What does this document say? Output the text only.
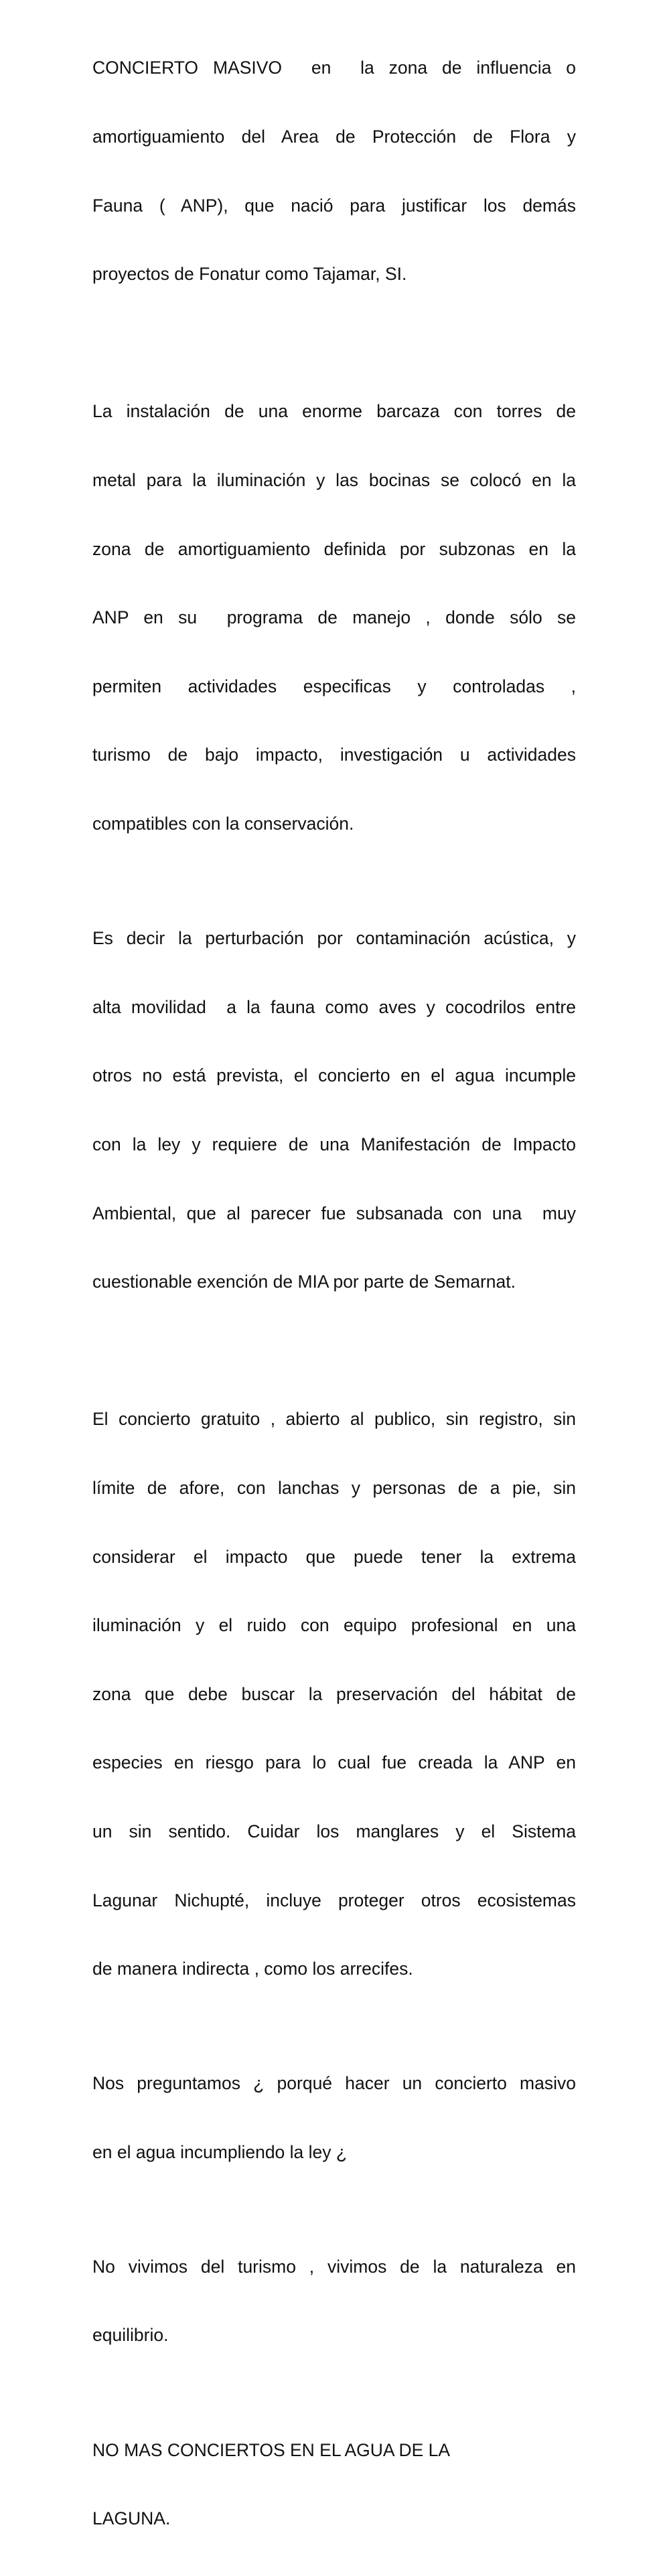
CONCIERTO MASIVO  en  la zona de influencia o

amortiguamiento del Area de Protección de Flora y

Fauna ( ANP), que nació para justificar los demás

proyectos de Fonatur como Tajamar, SI.

La instalación de una enorme barcaza con torres de

metal para la iluminación y las bocinas se colocó en la

zona de amortiguamiento definida por subzonas en la

ANP en su  programa de manejo , donde sólo se

permiten  actividades  especificas  y  controladas  ,

turismo de bajo impacto, investigación u actividades

compatibles con la conservación.

Es decir la perturbación por contaminación acústica, y

alta movilidad  a la fauna como aves y cocodrilos entre

otros no está prevista, el concierto en el agua incumple

con la ley y requiere de una Manifestación de Impacto

Ambiental, que al parecer fue subsanada con una  muy

cuestionable exención de MIA por parte de Semarnat.

El concierto gratuito , abierto al publico, sin registro, sin

límite de afore, con lanchas y personas de a pie, sin

considerar el impacto que puede tener la extrema

iluminación y el ruido con equipo profesional en una

zona que debe buscar la preservación del hábitat de

especies en riesgo para lo cual fue creada la ANP en

un sin sentido. Cuidar los manglares y el Sistema

Lagunar Nichupté, incluye proteger otros ecosistemas

de manera indirecta , como los arrecifes.

Nos preguntamos ¿ porqué hacer un concierto masivo

en el agua incumpliendo la ley ¿

No vivimos del turismo , vivimos de la naturaleza en

equilibrio.

NO MAS CONCIERTOS EN EL AGUA DE LA

LAGUNA.
